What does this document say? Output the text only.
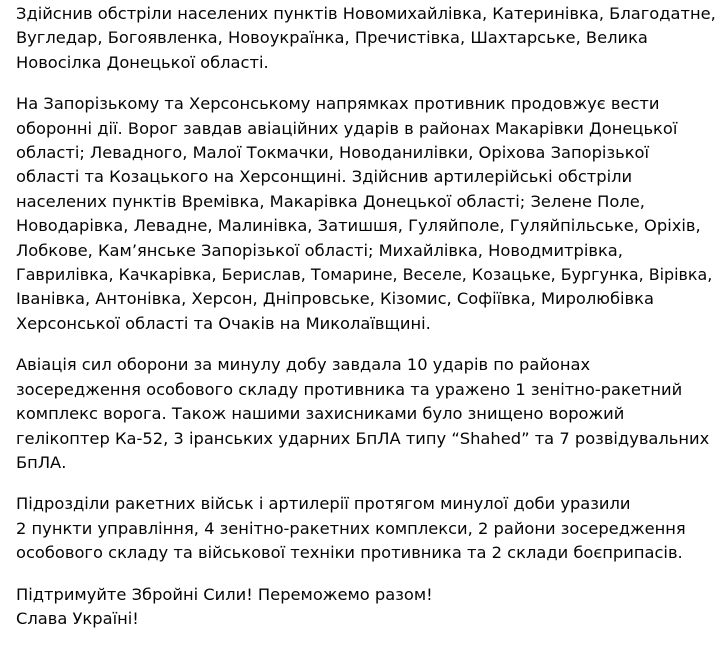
Здійснив обстріли населених пунктів Новомихайлівка, Катеринівка, Благодатне,
Вугледар, Богоявленка, Новоукраїнка, Пречистівка, Шахтарське, Велика
Новосілка Донецької області.
На Запорізькому та Херсонському напрямках противник продовжує вести
оборонні дії. Ворог завдав авіаційних ударів в районах Макарівки Донецької
області; Левадного, Малої Токмачки, Новоданилівки, Оріхова Запорізької
області та Козацького на Херсонщині. Здійснив артилерійські обстріли
населених пунктів Времівка, Макарівка Донецької області; Зелене Поле,
Новодарівка, Левадне, Малинівка, Затишшя, Гуляйполе, Гуляйпільське, Оріхів,
Лобкове, Кам’янське Запорізької області; Михайлівка, Новодмитрівка,
Гаврилівка, Качкарівка, Берислав, Томарине, Веселе, Козацьке, Бургунка, Вірівка,
Іванівка, Антонівка, Херсон, Дніпровське, Кізомис, Софіївка, Миролюбівка
Херсонської області та Очаків на Миколаївщині.
Авіація сил оборони за минулу добу завдала 10 ударів по районах
зосередження особового складу противника та уражено 1 зенітно-ракетний
комплекс ворога. Також нашими захисниками було знищено ворожий
гелікоптер Ка-52, 3 іранських ударних БпЛА типу “Shahed” та 7 розвідувальних
БпЛА.
Підрозділи ракетних військ і артилерії протягом минулої доби уразили
2 пункти управління, 4 зенітно-ракетних комплекси, 2 райони зосередження
особового складу та військової техніки противника та 2 склади боєприпасів.
Підтримуйте Збройні Сили! Переможемо разом!
Слава Україні!
